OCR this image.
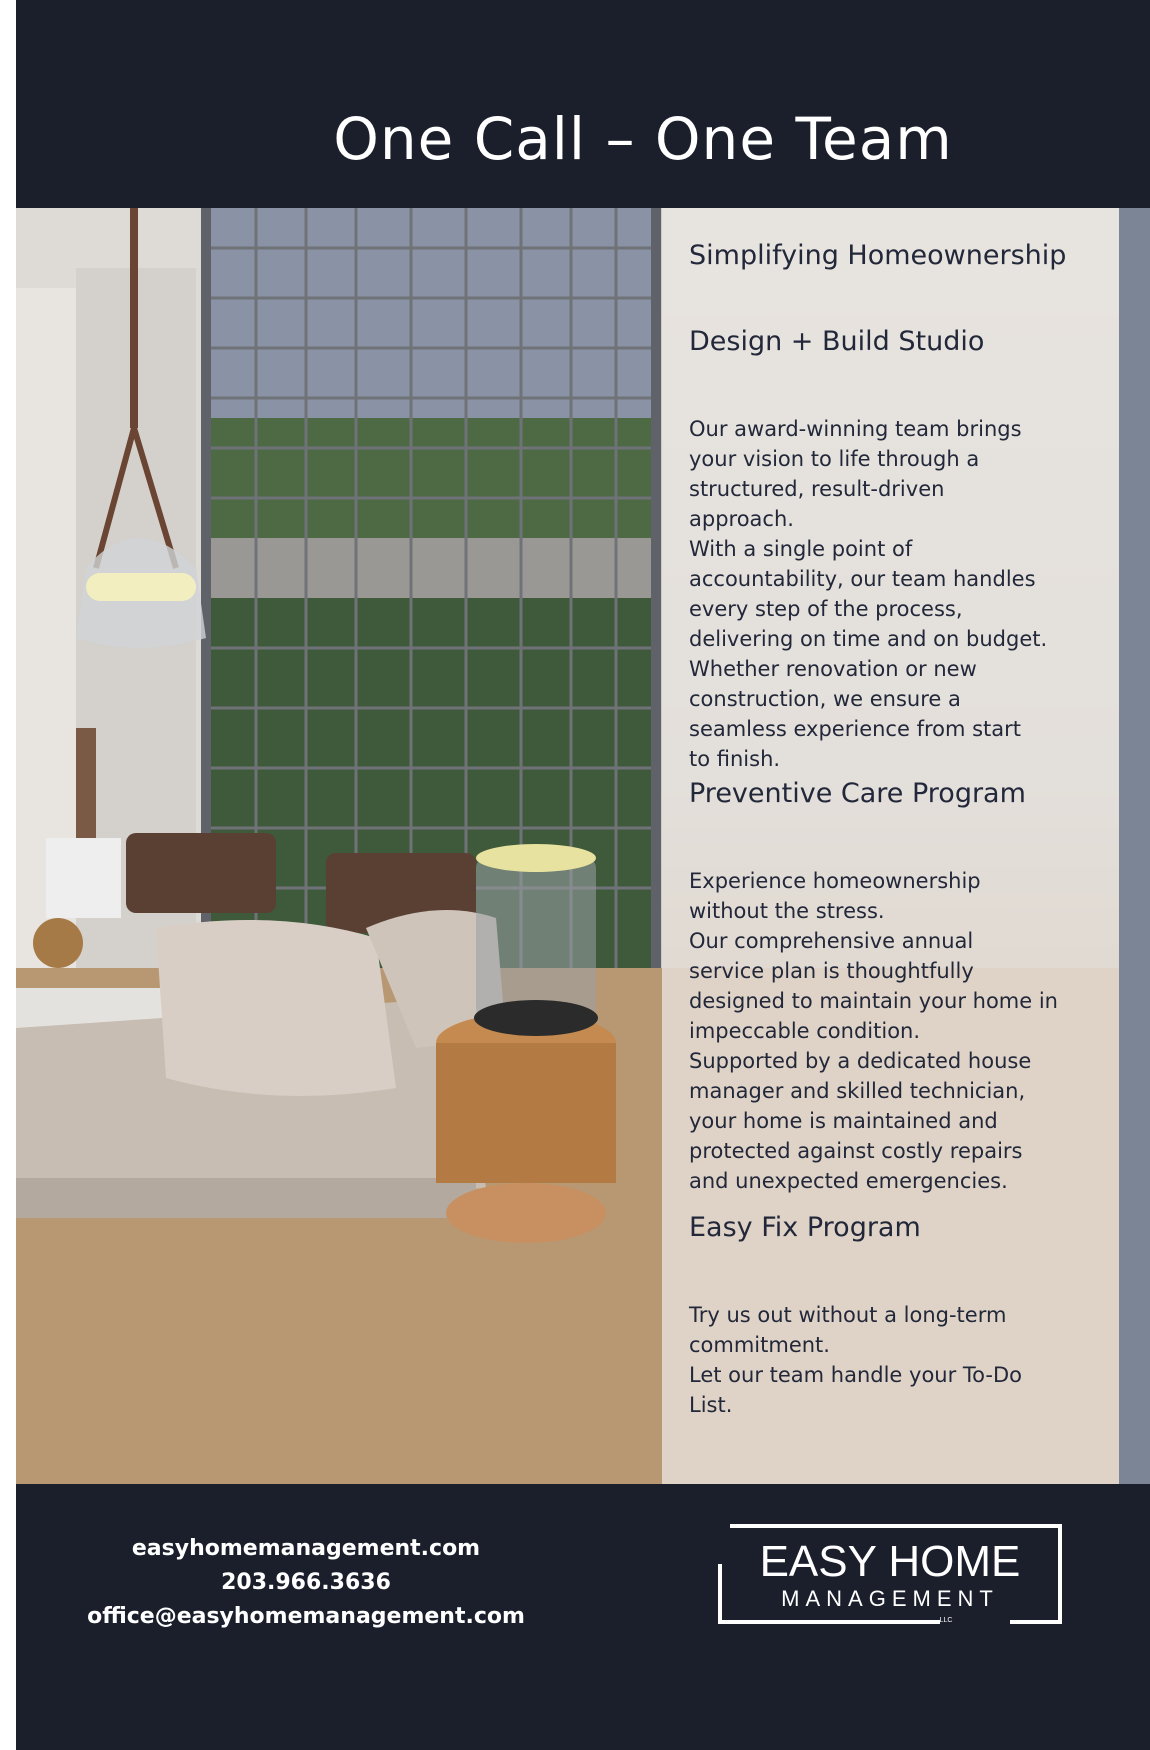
One Call – One Team
Simplifying Homeownership
Design + Build Studio

Our award-winning team brings
your vision to life through a
structured, result-driven
approach.
With a single point of
accountability, our team handles
every step of the process,
delivering on time and on budget.
Whether renovation or new
construction, we ensure a
seamless experience from start
to finish.

Preventive Care Program

Experience homeownership
without the stress.
Our comprehensive annual
service plan is thoughtfully
designed to maintain your home in
impeccable condition.
Supported by a dedicated house
manager and skilled technician,
your home is maintained and
protected against costly repairs
and unexpected emergencies.

Easy Fix Program

Try us out without a long-term
commitment.
Let our team handle your To-Do
List.

easyhomemanagement.com

203.966.3636

office@easyhomemanagement.com

EASY HOME
MANAGEMENT
LLC
